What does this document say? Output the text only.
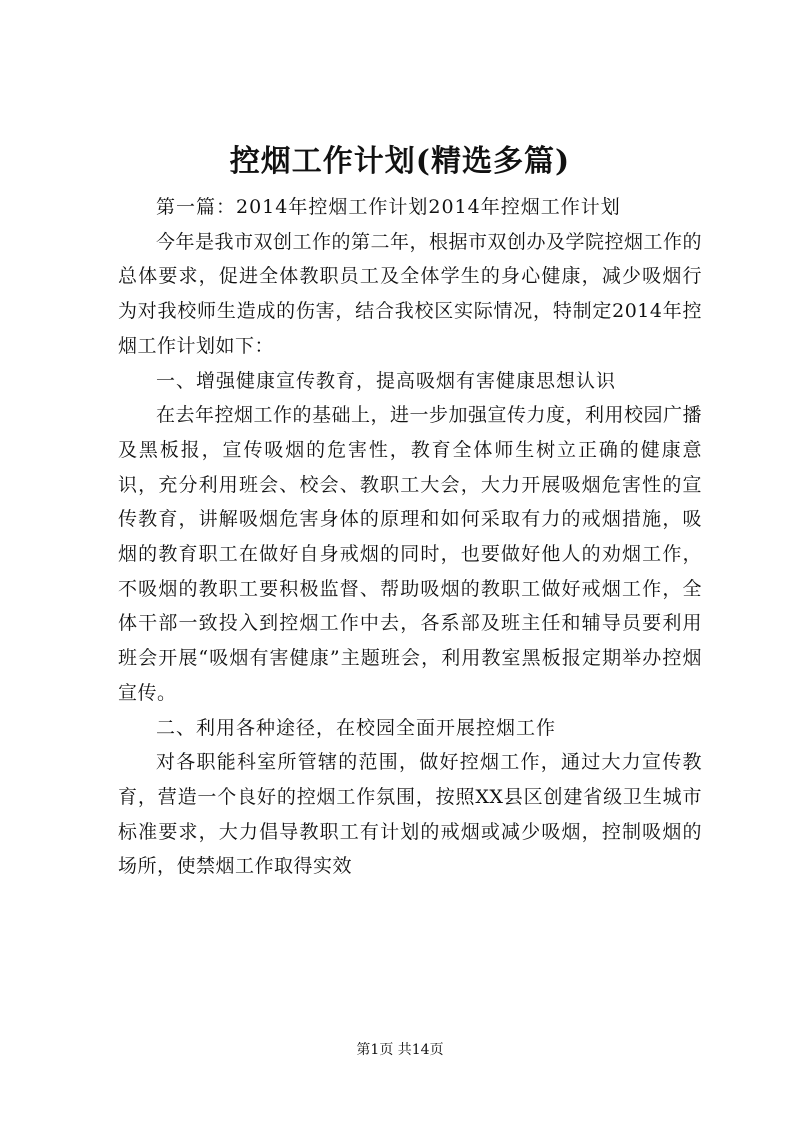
控烟工作计划(精选多篇)

第一篇：2014年控烟工作计划2014年控烟工作计划

今年是我市双创工作的第二年，根据市双创办及学院控烟工作的总体要求，促进全体教职员工及全体学生的身心健康，减少吸烟行为对我校师生造成的伤害，结合我校区实际情况，特制定2014年控烟工作计划如下：

一、增强健康宣传教育，提高吸烟有害健康思想认识

在去年控烟工作的基础上，进一步加强宣传力度，利用校园广播及黑板报，宣传吸烟的危害性，教育全体师生树立正确的健康意识，充分利用班会、校会、教职工大会，大力开展吸烟危害性的宣传教育，讲解吸烟危害身体的原理和如何采取有力的戒烟措施，吸烟的教育职工在做好自身戒烟的同时，也要做好他人的劝烟工作，不吸烟的教职工要积极监督、帮助吸烟的教职工做好戒烟工作，全体干部一致投入到控烟工作中去，各系部及班主任和辅导员要利用班会开展“吸烟有害健康”主题班会，利用教室黑板报定期举办控烟宣传。

二、利用各种途径，在校园全面开展控烟工作

对各职能科室所管辖的范围，做好控烟工作，通过大力宣传教育，营造一个良好的控烟工作氛围，按照XX县区创建省级卫生城市标准要求，大力倡导教职工有计划的戒烟或减少吸烟，控制吸烟的场所，使禁烟工作取得实效

第1页 共14页
